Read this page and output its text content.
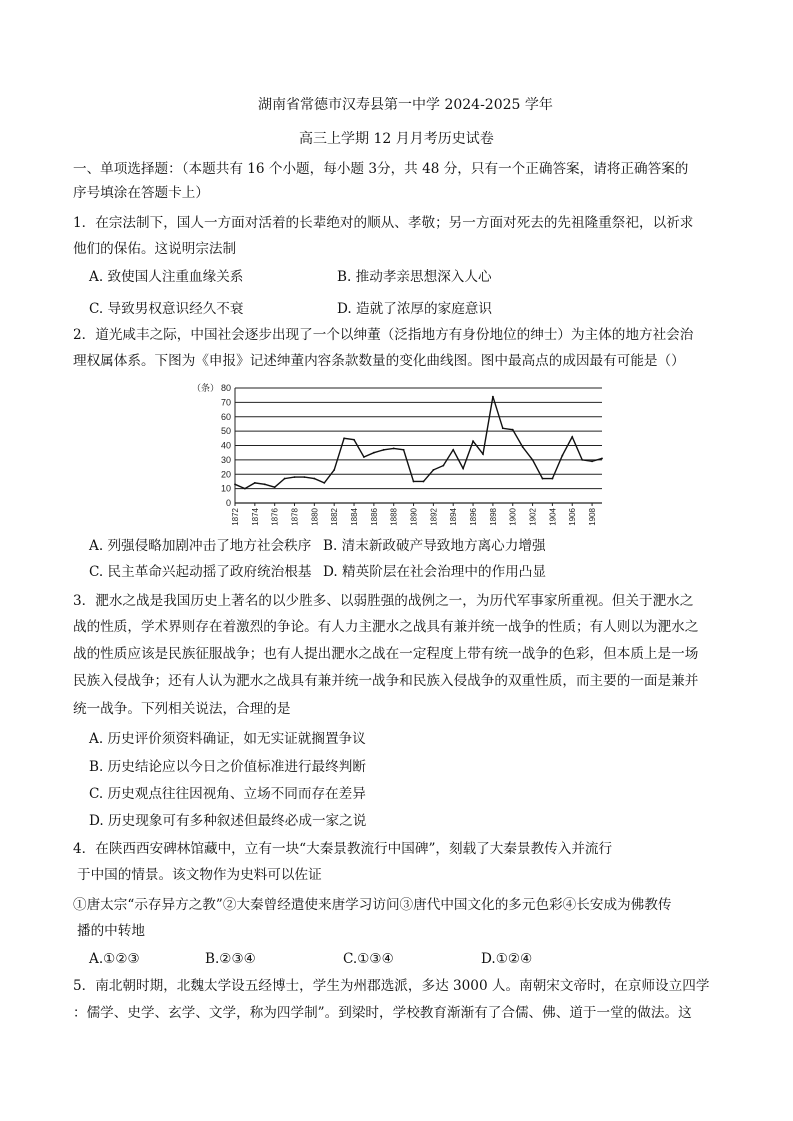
湖南省常德市汉寿县第一中学 2024-2025 学年
高三上学期 12 月月考历史试卷
一、单项选择题：（本题共有 16 个小题，每小题 3分，共 48 分，只有一个正确答案，请将正确答案的
序号填涂在答题卡上）
1．在宗法制下，国人一方面对活着的长辈绝对的顺从、孝敬；另一方面对死去的先祖隆重祭祀，以祈求
他们的保佑。这说明宗法制
A. 致使国人注重血缘关系	B. 推动孝亲思想深入人心
C. 导致男权意识经久不衰	D. 造就了浓厚的家庭意识
2．道光咸丰之际，中国社会逐步出现了一个以绅董（泛指地方有身份地位的绅士）为主体的地方社会治
理权属体系。下图为《申报》记述绅董内容条款数量的变化曲线图。图中最高点的成因最有可能是（）
（条）
0
10
20
30
40
50
60
70
80
1872 1874 1876 1878 1880 1882 1884 1886 1888 1890 1892 1894 1896 1898 1900 1902 1904 1906 1908
A. 列强侵略加剧冲击了地方社会秩序 B. 清末新政破产导致地方离心力增强
C. 民主革命兴起动摇了政府统治根基 D. 精英阶层在社会治理中的作用凸显
3．淝水之战是我国历史上著名的以少胜多、以弱胜强的战例之一，为历代军事家所重视。但关于淝水之
战的性质，学术界则存在着激烈的争论。有人力主淝水之战具有兼并统一战争的性质；有人则以为淝水之
战的性质应该是民族征服战争；也有人提出淝水之战在一定程度上带有统一战争的色彩，但本质上是一场
民族入侵战争；还有人认为淝水之战具有兼并统一战争和民族入侵战争的双重性质，而主要的一面是兼并
统一战争。下列相关说法，合理的是
A. 历史评价须资料确证，如无实证就搁置争议
B. 历史结论应以今日之价值标准进行最终判断
C. 历史观点往往因视角、立场不同而存在差异
D. 历史现象可有多种叙述但最终必成一家之说
4．在陕西西安碑林馆藏中，立有一块“大秦景教流行中国碑”，刻载了大秦景教传入并流行
于中国的情景。该文物作为史料可以佐证
①唐太宗“示存异方之教”②大秦曾经遣使来唐学习访问③唐代中国文化的多元色彩④长安成为佛教传
播的中转地
A.①②③	B.②③④	C.①③④	D.①②④
5．南北朝时期，北魏太学设五经博士，学生为州郡选派，多达 3000 人。南朝宋文帝时，在京师设立四学
：儒学、史学、玄学、文学，称为四学制”。到梁时，学校教育渐渐有了合儒、佛、道于一堂的做法。这
